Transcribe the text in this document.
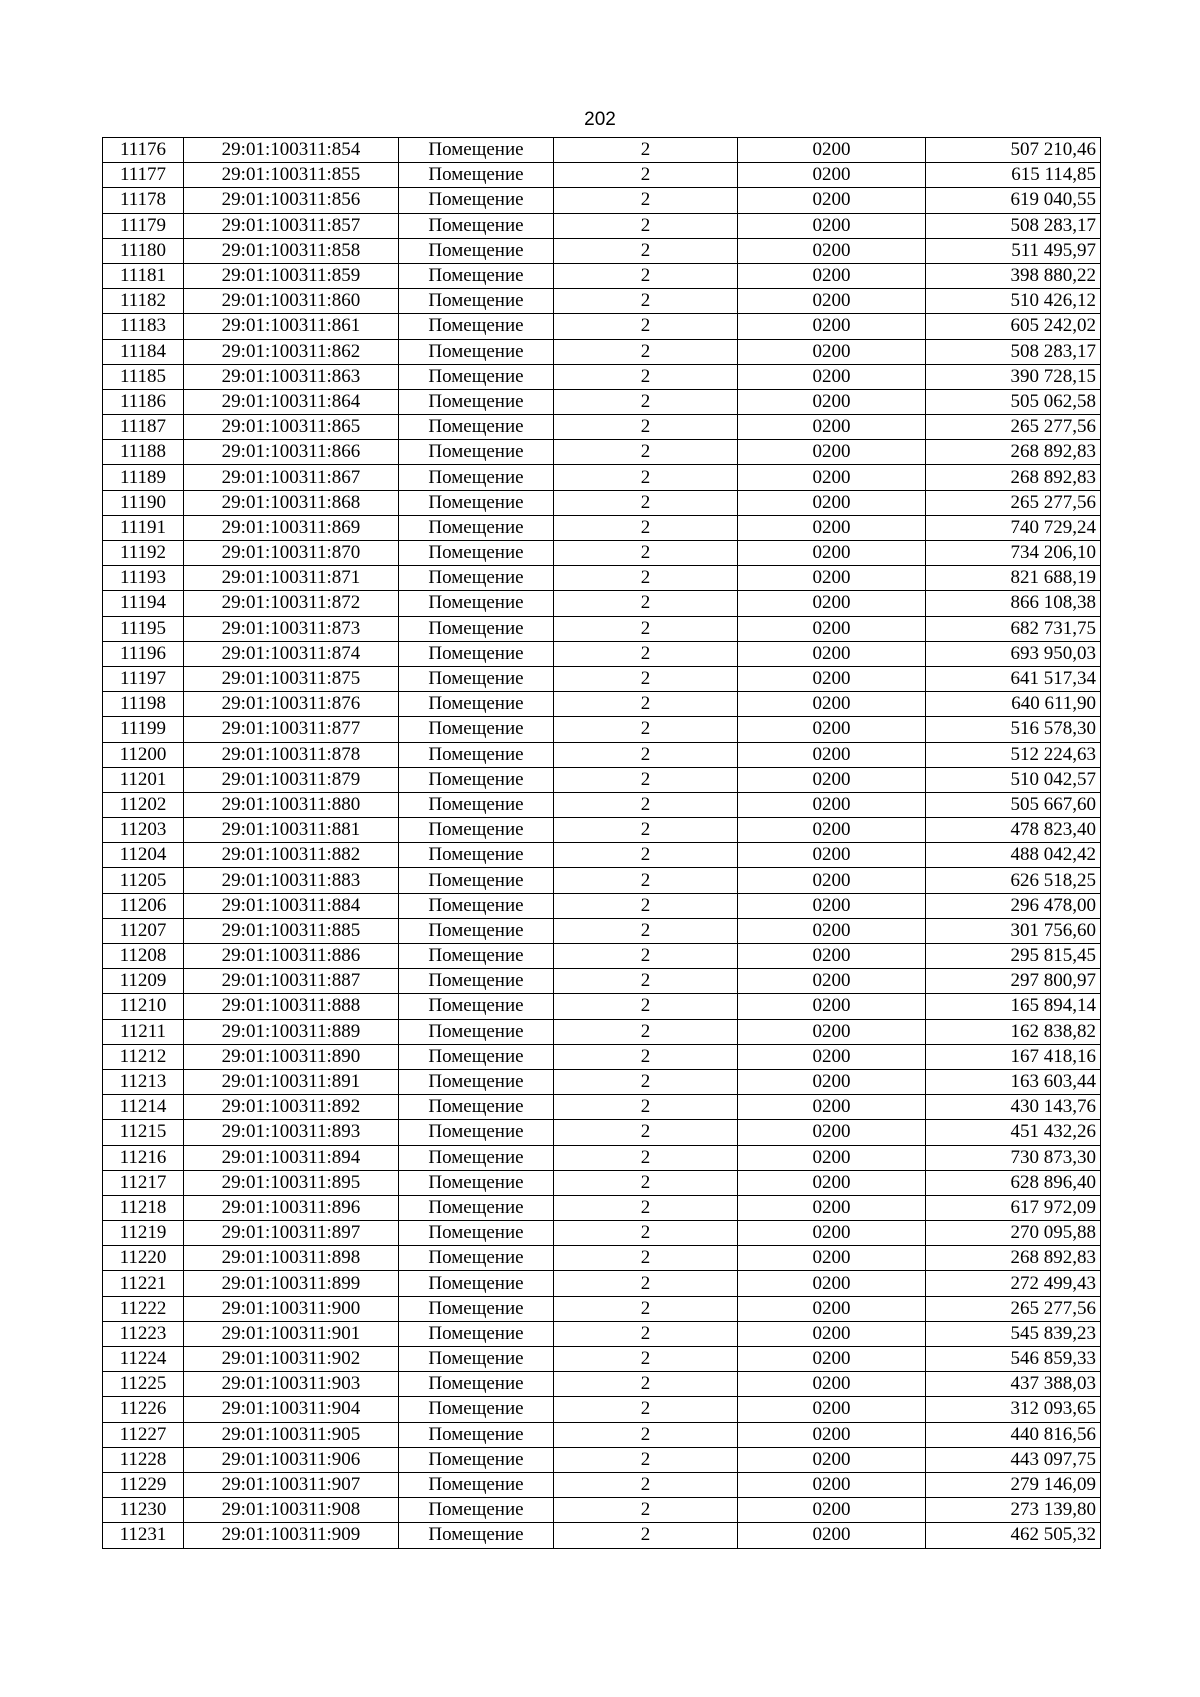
202
11176	29:01:100311:854	Помещение	2	0200	507 210,46
11177	29:01:100311:855	Помещение	2	0200	615 114,85
11178	29:01:100311:856	Помещение	2	0200	619 040,55
11179	29:01:100311:857	Помещение	2	0200	508 283,17
11180	29:01:100311:858	Помещение	2	0200	511 495,97
11181	29:01:100311:859	Помещение	2	0200	398 880,22
11182	29:01:100311:860	Помещение	2	0200	510 426,12
11183	29:01:100311:861	Помещение	2	0200	605 242,02
11184	29:01:100311:862	Помещение	2	0200	508 283,17
11185	29:01:100311:863	Помещение	2	0200	390 728,15
11186	29:01:100311:864	Помещение	2	0200	505 062,58
11187	29:01:100311:865	Помещение	2	0200	265 277,56
11188	29:01:100311:866	Помещение	2	0200	268 892,83
11189	29:01:100311:867	Помещение	2	0200	268 892,83
11190	29:01:100311:868	Помещение	2	0200	265 277,56
11191	29:01:100311:869	Помещение	2	0200	740 729,24
11192	29:01:100311:870	Помещение	2	0200	734 206,10
11193	29:01:100311:871	Помещение	2	0200	821 688,19
11194	29:01:100311:872	Помещение	2	0200	866 108,38
11195	29:01:100311:873	Помещение	2	0200	682 731,75
11196	29:01:100311:874	Помещение	2	0200	693 950,03
11197	29:01:100311:875	Помещение	2	0200	641 517,34
11198	29:01:100311:876	Помещение	2	0200	640 611,90
11199	29:01:100311:877	Помещение	2	0200	516 578,30
11200	29:01:100311:878	Помещение	2	0200	512 224,63
11201	29:01:100311:879	Помещение	2	0200	510 042,57
11202	29:01:100311:880	Помещение	2	0200	505 667,60
11203	29:01:100311:881	Помещение	2	0200	478 823,40
11204	29:01:100311:882	Помещение	2	0200	488 042,42
11205	29:01:100311:883	Помещение	2	0200	626 518,25
11206	29:01:100311:884	Помещение	2	0200	296 478,00
11207	29:01:100311:885	Помещение	2	0200	301 756,60
11208	29:01:100311:886	Помещение	2	0200	295 815,45
11209	29:01:100311:887	Помещение	2	0200	297 800,97
11210	29:01:100311:888	Помещение	2	0200	165 894,14
11211	29:01:100311:889	Помещение	2	0200	162 838,82
11212	29:01:100311:890	Помещение	2	0200	167 418,16
11213	29:01:100311:891	Помещение	2	0200	163 603,44
11214	29:01:100311:892	Помещение	2	0200	430 143,76
11215	29:01:100311:893	Помещение	2	0200	451 432,26
11216	29:01:100311:894	Помещение	2	0200	730 873,30
11217	29:01:100311:895	Помещение	2	0200	628 896,40
11218	29:01:100311:896	Помещение	2	0200	617 972,09
11219	29:01:100311:897	Помещение	2	0200	270 095,88
11220	29:01:100311:898	Помещение	2	0200	268 892,83
11221	29:01:100311:899	Помещение	2	0200	272 499,43
11222	29:01:100311:900	Помещение	2	0200	265 277,56
11223	29:01:100311:901	Помещение	2	0200	545 839,23
11224	29:01:100311:902	Помещение	2	0200	546 859,33
11225	29:01:100311:903	Помещение	2	0200	437 388,03
11226	29:01:100311:904	Помещение	2	0200	312 093,65
11227	29:01:100311:905	Помещение	2	0200	440 816,56
11228	29:01:100311:906	Помещение	2	0200	443 097,75
11229	29:01:100311:907	Помещение	2	0200	279 146,09
11230	29:01:100311:908	Помещение	2	0200	273 139,80
11231	29:01:100311:909	Помещение	2	0200	462 505,32
